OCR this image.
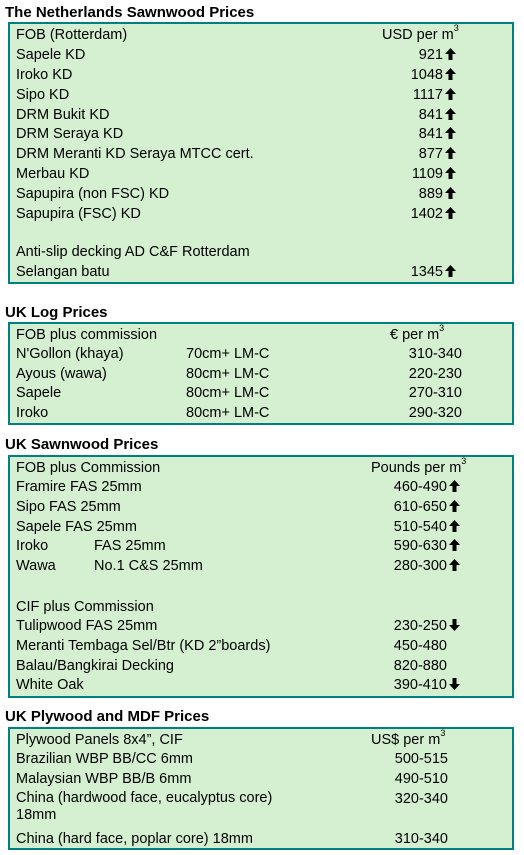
The Netherlands Sawnwood Prices
FOB (Rotterdam)	USD per $m^3$
Sapele KD	921
Iroko KD	1048
Sipo KD	1117
DRM Bukit KD	841
DRM Seraya KD	841
DRM Meranti KD Seraya MTCC cert.	877
Merbau KD	1109
Sapupira (non FSC) KD	889
Sapupira (FSC) KD	1402
Anti-slip decking AD C&F Rotterdam
Selangan batu	1345
UK Log Prices
FOB plus commission	€ per $m^3$
N'Gollon (khaya)	70cm+ LM-C	310-340
Ayous (wawa)	80cm+ LM-C	220-230
Sapele	80cm+ LM-C	270-310
Iroko	80cm+ LM-C	290-320
UK Sawnwood Prices
FOB plus Commission	Pounds per $m^3$
Framire FAS 25mm	460-490
Sipo FAS 25mm	610-650
Sapele FAS 25mm	510-540
Iroko	FAS 25mm	590-630
Wawa	No.1 C&S 25mm	280-300
CIF plus Commission
Tulipwood FAS 25mm	230-250
Meranti Tembaga Sel/Btr (KD 2”boards)	450-480
Balau/Bangkirai Decking	820-880
White Oak	390-410
UK Plywood and MDF Prices
Plywood Panels 8x4”, CIF	US$ per $m^3$
Brazilian WBP BB/CC 6mm	500-515
Malaysian WBP BB/B 6mm	490-510
China (hardwood face, eucalyptus core) 18mm
320-340
China (hard face, poplar core) 18mm	310-340
